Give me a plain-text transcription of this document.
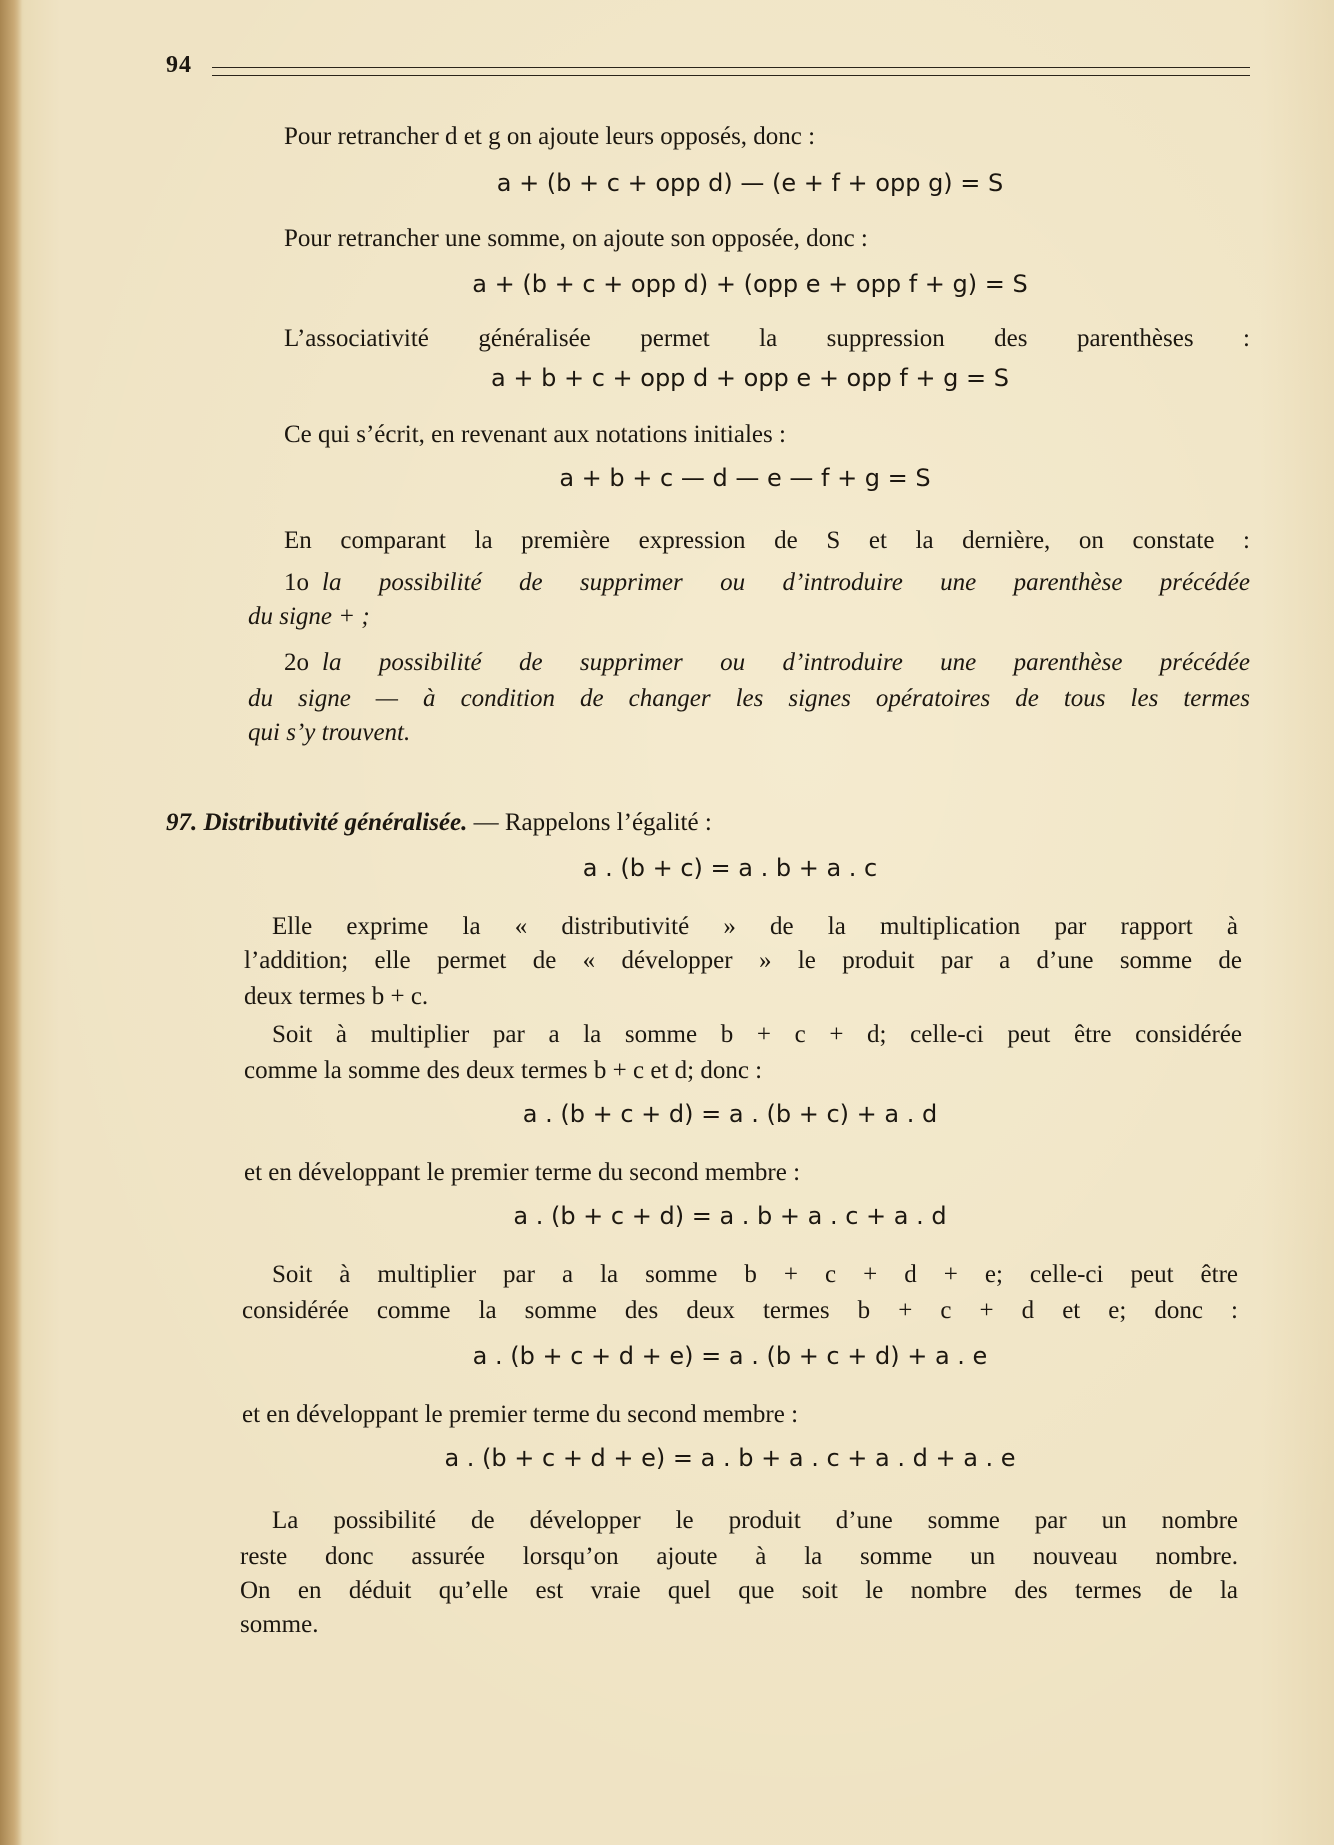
94

Pour retrancher d et g on ajoute leurs opposés, donc :

a + (b + c + opp d) — (e + f + opp g) = S

Pour retrancher une somme, on ajoute son opposée, donc :

a + (b + c + opp d) + (opp e + opp f + g) = S

L’associativité généralisée permet la suppression des parenthèses :

a + b + c + opp d + opp e + opp f + g = S

Ce qui s’écrit, en revenant aux notations initiales :

a + b + c — d — e — f + g = S

En comparant la première expression de S et la dernière, on constate :

1o la possibilité de supprimer ou d’introduire une parenthèse précédée

du signe + ;

2o la possibilité de supprimer ou d’introduire une parenthèse précédée

du signe — à condition de changer les signes opératoires de tous les termes

qui s’y trouvent.

97. Distributivité généralisée. — Rappelons l’égalité :

a . (b + c) = a . b + a . c

Elle exprime la « distributivité » de la multiplication par rapport à

l’addition; elle permet de « développer » le produit par a d’une somme de

deux termes b + c.

Soit à multiplier par a la somme b + c + d; celle-ci peut être considérée

comme la somme des deux termes b + c et d; donc :

a . (b + c + d) = a . (b + c) + a . d

et en développant le premier terme du second membre :

a . (b + c + d) = a . b + a . c + a . d

Soit à multiplier par a la somme b + c + d + e; celle-ci peut être

considérée comme la somme des deux termes b + c + d et e; donc :

a . (b + c + d + e) = a . (b + c + d) + a . e

et en développant le premier terme du second membre :

a . (b + c + d + e) = a . b + a . c + a . d + a . e

La possibilité de développer le produit d’une somme par un nombre

reste donc assurée lorsqu’on ajoute à la somme un nouveau nombre.

On en déduit qu’elle est vraie quel que soit le nombre des termes de la

somme.
